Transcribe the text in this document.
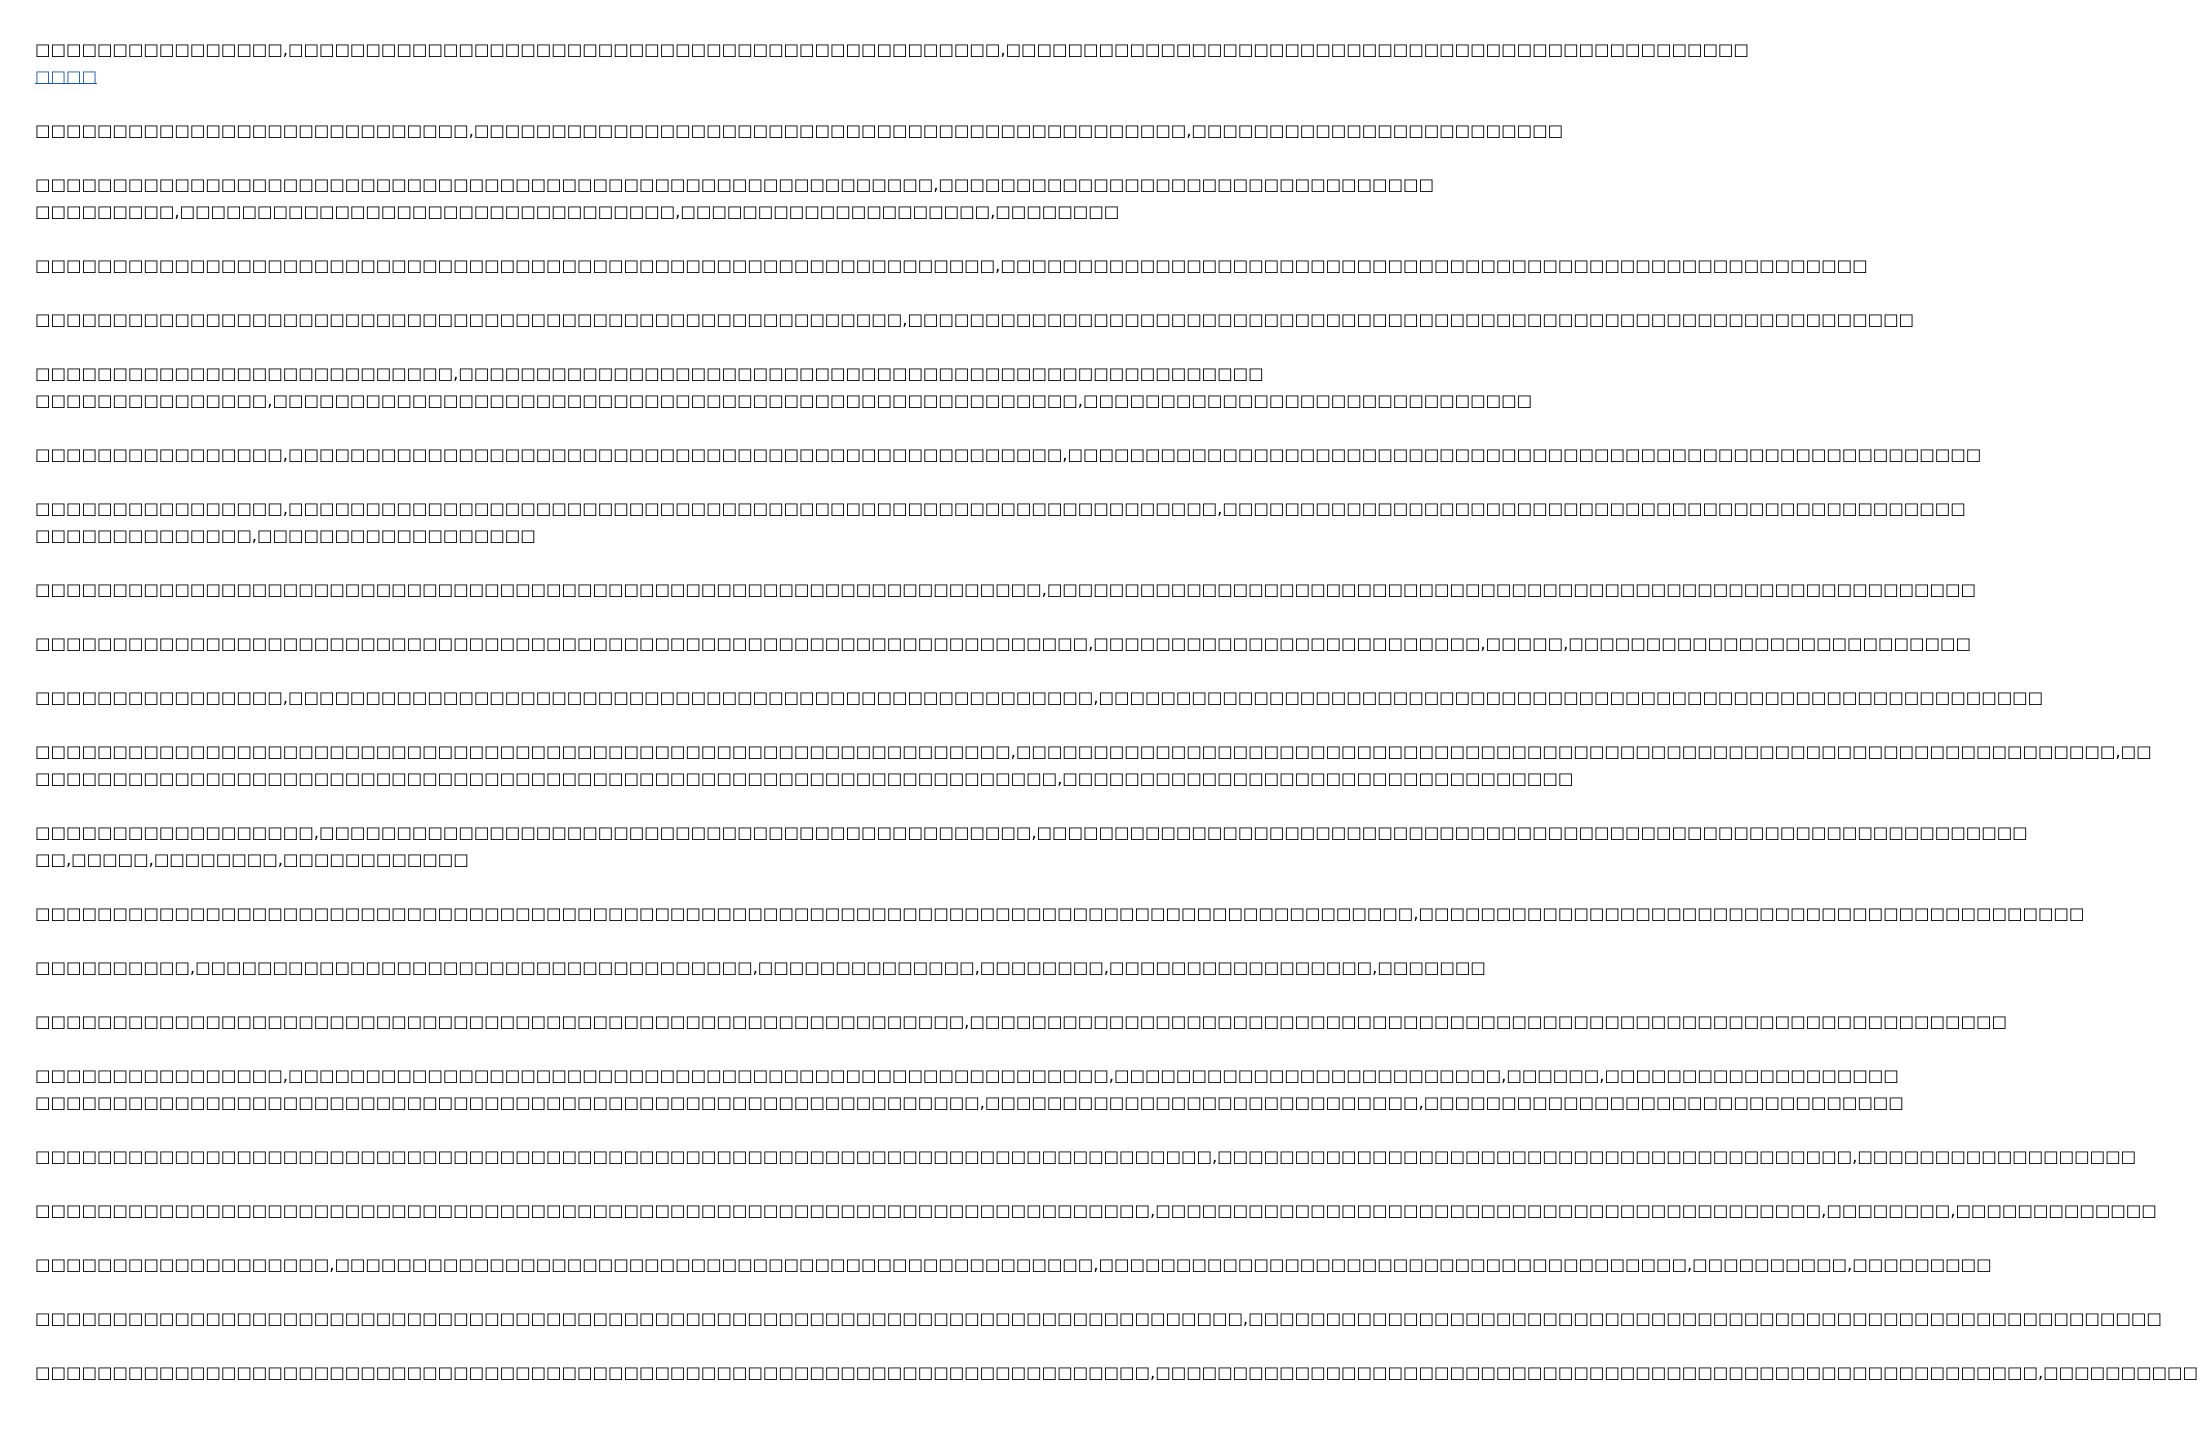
□□□□□□□□□□□□□□□□,□□□□□□□□□□□□□□□□□□□□□□□□□□□□□□□□□□□□□□□□□□□□□□,□□□□□□□□□□□□□□□□□□□□□□□□□□□□□□□□□□□□□□□□□□□□□□□□
□□□□

□□□□□□□□□□□□□□□□□□□□□□□□□□□□,□□□□□□□□□□□□□□□□□□□□□□□□□□□□□□□□□□□□□□□□□□□□□□,□□□□□□□□□□□□□□□□□□□□□□□□

□□□□□□□□□□□□□□□□□□□□□□□□□□□□□□□□□□□□□□□□□□□□□□□□□□□□□□□□□□,□□□□□□□□□□□□□□□□□□□□□□□□□□□□□□□□
□□□□□□□□□,□□□□□□□□□□□□□□□□□□□□□□□□□□□□□□□□,□□□□□□□□□□□□□□□□□□□□,□□□□□□□□

□□□□□□□□□□□□□□□□□□□□□□□□□□□□□□□□□□□□□□□□□□□□□□□□□□□□□□□□□□□□□□,□□□□□□□□□□□□□□□□□□□□□□□□□□□□□□□□□□□□□□□□□□□□□□□□□□□□□□□□

□□□□□□□□□□□□□□□□□□□□□□□□□□□□□□□□□□□□□□□□□□□□□□□□□□□□□□□□,□□□□□□□□□□□□□□□□□□□□□□□□□□□□□□□□□□□□□□□□□□□□□□□□□□□□□□□□□□□□□□□□□

□□□□□□□□□□□□□□□□□□□□□□□□□□□,□□□□□□□□□□□□□□□□□□□□□□□□□□□□□□□□□□□□□□□□□□□□□□□□□□□□
□□□□□□□□□□□□□□□,□□□□□□□□□□□□□□□□□□□□□□□□□□□□□□□□□□□□□□□□□□□□□□□□□□□□,□□□□□□□□□□□□□□□□□□□□□□□□□□□□□

□□□□□□□□□□□□□□□□,□□□□□□□□□□□□□□□□□□□□□□□□□□□□□□□□□□□□□□□□□□□□□□□□□□,□□□□□□□□□□□□□□□□□□□□□□□□□□□□□□□□□□□□□□□□□□□□□□□□□□□□□□□□□□□

□□□□□□□□□□□□□□□□,□□□□□□□□□□□□□□□□□□□□□□□□□□□□□□□□□□□□□□□□□□□□□□□□□□□□□□□□□□□□,□□□□□□□□□□□□□□□□□□□□□□□□□□□□□□□□□□□□□□□□□□□□□□□□
□□□□□□□□□□□□□□,□□□□□□□□□□□□□□□□□□

□□□□□□□□□□□□□□□□□□□□□□□□□□□□□□□□□□□□□□□□□□□□□□□□□□□□□□□□□□□□□□□□□,□□□□□□□□□□□□□□□□□□□□□□□□□□□□□□□□□□□□□□□□□□□□□□□□□□□□□□□□□□□□

□□□□□□□□□□□□□□□□□□□□□□□□□□□□□□□□□□□□□□□□□□□□□□□□□□□□□□□□□□□□□□□□□□□□,□□□□□□□□□□□□□□□□□□□□□□□□□,□□□□□,□□□□□□□□□□□□□□□□□□□□□□□□□□

□□□□□□□□□□□□□□□□,□□□□□□□□□□□□□□□□□□□□□□□□□□□□□□□□□□□□□□□□□□□□□□□□□□□□,□□□□□□□□□□□□□□□□□□□□□□□□□□□□□□□□□□□□□□□□□□□□□□□□□□□□□□□□□□□□□

□□□□□□□□□□□□□□□□□□□□□□□□□□□□□□□□□□□□□□□□□□□□□□□□□□□□□□□□□□□□□□□,□□□□□□□□□□□□□□□□□□□□□□□□□□□□□□□□□□□□□□□□□□□□□□□□□□□□□□□□□□□□□□□□□□□□□□□,□□
□□□□□□□□□□□□□□□□□□□□□□□□□□□□□□□□□□□□□□□□□□□□□□□□□□□□□□□□□□□□□□□□□□,□□□□□□□□□□□□□□□□□□□□□□□□□□□□□□□□□

□□□□□□□□□□□□□□□□□□,□□□□□□□□□□□□□□□□□□□□□□□□□□□□□□□□□□□□□□□□□□□□□□,□□□□□□□□□□□□□□□□□□□□□□□□□□□□□□□□□□□□□□□□□□□□□□□□□□□□□□□□□□□□□□□□
□□,□□□□□,□□□□□□□□,□□□□□□□□□□□□

□□□□□□□□□□□□□□□□□□□□□□□□□□□□□□□□□□□□□□□□□□□□□□□□□□□□□□□□□□□□□□□□□□□□□□□□□□□□□□□□□□□□□□□□□,□□□□□□□□□□□□□□□□□□□□□□□□□□□□□□□□□□□□□□□□□□□

□□□□□□□□□□,□□□□□□□□□□□□□□□□□□□□□□□□□□□□□□□□□□□□,□□□□□□□□□□□□□□,□□□□□□□□,□□□□□□□□□□□□□□□□□,□□□□□□□

□□□□□□□□□□□□□□□□□□□□□□□□□□□□□□□□□□□□□□□□□□□□□□□□□□□□□□□□□□□□,□□□□□□□□□□□□□□□□□□□□□□□□□□□□□□□□□□□□□□□□□□□□□□□□□□□□□□□□□□□□□□□□□□□

□□□□□□□□□□□□□□□□,□□□□□□□□□□□□□□□□□□□□□□□□□□□□□□□□□□□□□□□□□□□□□□□□□□□□□,□□□□□□□□□□□□□□□□□□□□□□□□□,□□□□□□,□□□□□□□□□□□□□□□□□□□
□□□□□□□□□□□□□□□□□□□□□□□□□□□□□□□□□□□□□□□□□□□□□□□□□□□□□□□□□□□□□,□□□□□□□□□□□□□□□□□□□□□□□□□□□□,□□□□□□□□□□□□□□□□□□□□□□□□□□□□□□□

□□□□□□□□□□□□□□□□□□□□□□□□□□□□□□□□□□□□□□□□□□□□□□□□□□□□□□□□□□□□□□□□□□□□□□□□□□□□,□□□□□□□□□□□□□□□□□□□□□□□□□□□□□□□□□□□□□□□□□,□□□□□□□□□□□□□□□□□□

□□□□□□□□□□□□□□□□□□□□□□□□□□□□□□□□□□□□□□□□□□□□□□□□□□□□□□□□□□□□□□□□□□□□□□□□,□□□□□□□□□□□□□□□□□□□□□□□□□□□□□□□□□□□□□□□□□□□,□□□□□□□□,□□□□□□□□□□□□□

□□□□□□□□□□□□□□□□□□□,□□□□□□□□□□□□□□□□□□□□□□□□□□□□□□□□□□□□□□□□□□□□□□□□□,□□□□□□□□□□□□□□□□□□□□□□□□□□□□□□□□□□□□□□,□□□□□□□□□□,□□□□□□□□□

□□□□□□□□□□□□□□□□□□□□□□□□□□□□□□□□□□□□□□□□□□□□□□□□□□□□□□□□□□□□□□□□□□□□□□□□□□□□□□,□□□□□□□□□□□□□□□□□□□□□□□□□□□□□□□□□□□□□□□□□□□□□□□□□□□□□□□□□□□

□□□□□□□□□□□□□□□□□□□□□□□□□□□□□□□□□□□□□□□□□□□□□□□□□□□□□□□□□□□□□□□□□□□□□□□□,□□□□□□□□□□□□□□□□□□□□□□□□□□□□□□□□□□□□□□□□□□□□□□□□□□□□□□□□□,□□□□□□□□□□
